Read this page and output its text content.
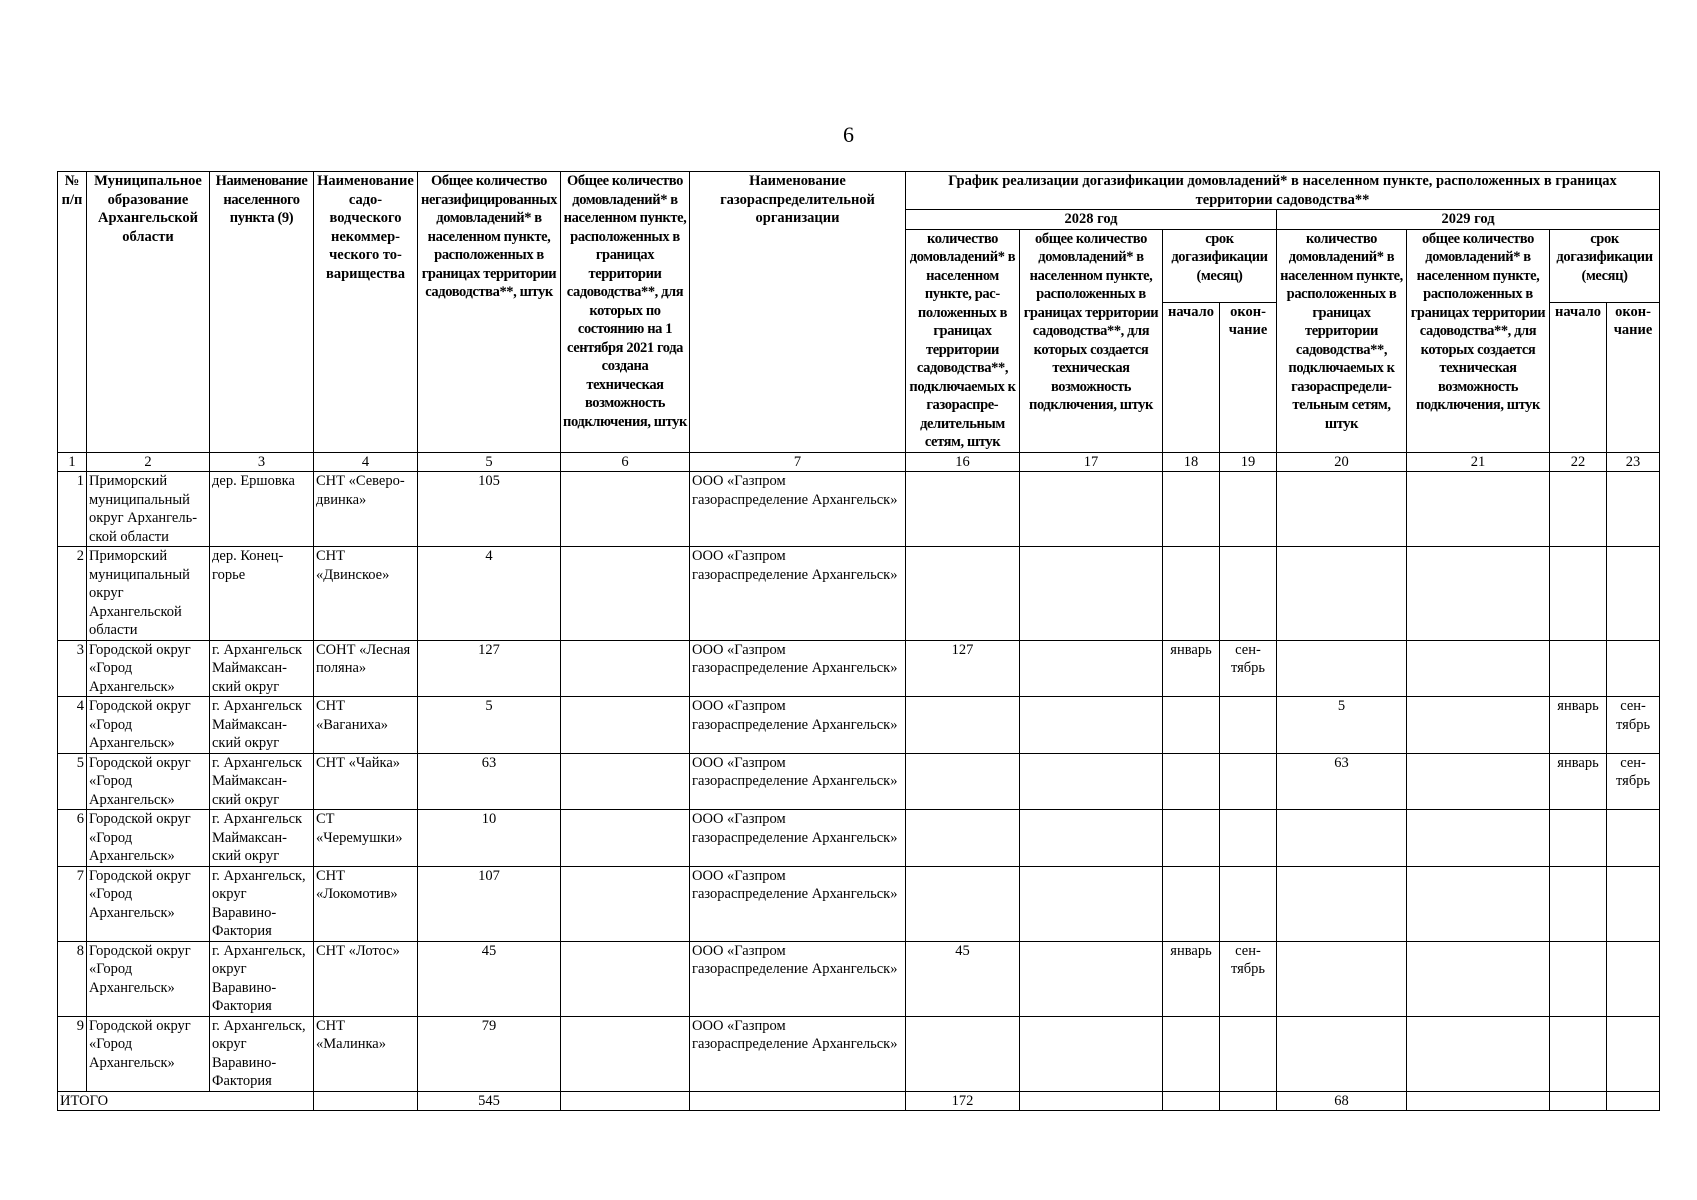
6
№ п/п	Муниципальное образование Архангельской области	Наименование населенного пункта (9)	Наименование садоводческого некоммерческого товарищества	Общее количество негазифицированных домовладений* в населенном пункте, расположенных в границах территории садоводства**, штук	Общее количество домовладений* в населенном пункте, расположенных в границах территории садоводства**, для которых по состоянию на 1 сентября 2021 года создана техническая возможность подключения, штук	Наименование газораспределительной организации	График реализации догазификации домовладений* в населенном пункте, расположенных в границах территории садоводства**							
							2028 год				2029 год			
							количество домовладений* в населенном пункте, расположенных в границах территории садоводства**, подключаемых к газораспределительным сетям, штук	общее количество домовладений* в населенном пункте, расположенных в границах территории садоводства**, для которых создается техническая возможность подключения, штук	срок догазификации (месяц)		количество домовладений* в населенном пункте, расположенных в границах территории садоводства**, подключаемых к газораспределительным сетям, штук	общее количество домовладений* в населенном пункте, расположенных в границах территории садоводства**, для которых создается техническая возможность подключения, штук	срок догазификации (месяц)	
									начало	окончание			начало	окончание
1	2	3	4	5	6	7	16	17	18	19	20	21	22	23
1	Приморский муниципальный округ Архангельской области	дер. Ершовка	СНТ «Северодвинка»	105		ООО «Газпром газораспределение Архангельск»								
2	Приморский муниципальный округ Архангельской области	дер. Конецгорье	СНТ «Двинское»	4		ООО «Газпром газораспределение Архангельск»								
3	Городской округ «Город Архангельск»	г. Архангельск Маймаксанский округ	СОНТ «Лесная поляна»	127		ООО «Газпром газораспределение Архангельск»	127		январь	сентябрь				
4	Городской округ «Город Архангельск»	г. Архангельск Маймаксанский округ	СНТ «Ваганиха»	5		ООО «Газпром газораспределение Архангельск»					5		январь	сентябрь
5	Городской округ «Город Архангельск»	г. Архангельск Маймаксанский округ	СНТ «Чайка»	63		ООО «Газпром газораспределение Архангельск»					63		январь	сентябрь
6	Городской округ «Город Архангельск»	г. Архангельск Маймаксанский округ	СТ «Черемушки»	10		ООО «Газпром газораспределение Архангельск»								
7	Городской округ «Город Архангельск»	г. Архангельск, округ Варавино-Фактория	СНТ «Локомотив»	107		ООО «Газпром газораспределение Архангельск»								
8	Городской округ «Город Архангельск»	г. Архангельск, округ Варавино-Фактория	СНТ «Лотос»	45		ООО «Газпром газораспределение Архангельск»	45		январь	сентябрь				
9	Городской округ «Город Архангельск»	г. Архангельск, округ Варавино-Фактория	СНТ «Малинка»	79		ООО «Газпром газораспределение Архангельск»								
ИТОГО				545			172				68			
